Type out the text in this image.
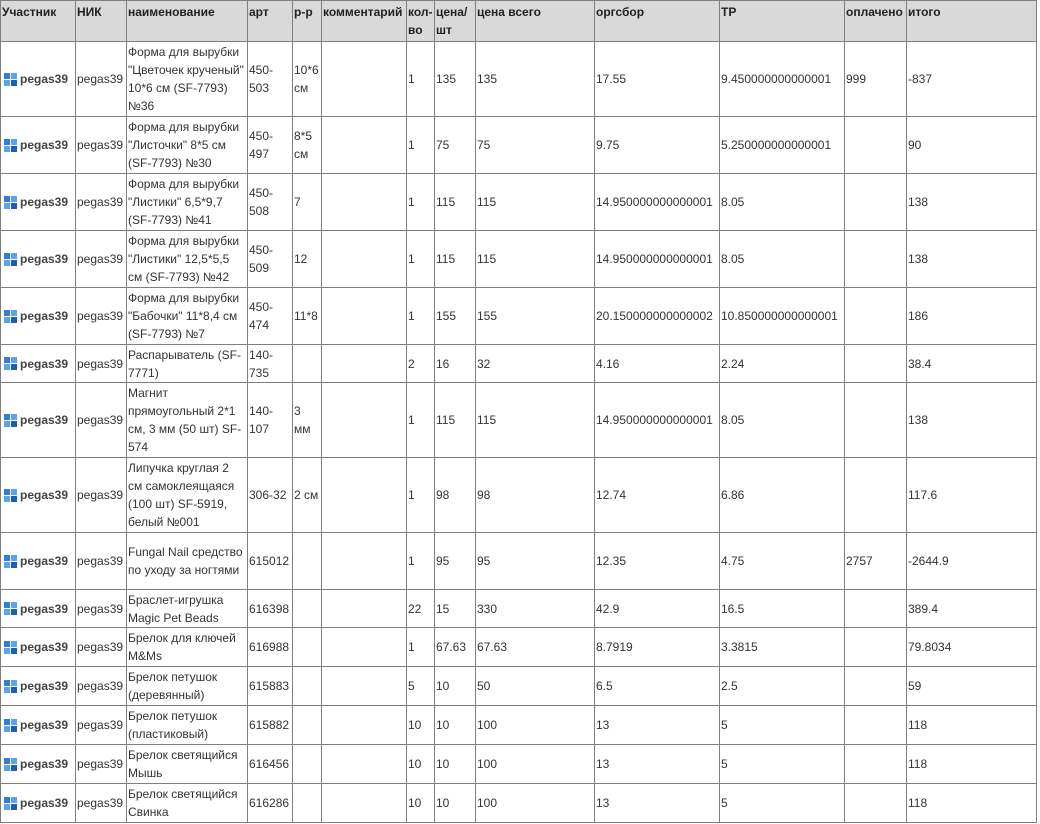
Участник	НИК	наименование	арт	р-р	комментарий	кол-во	цена/шт	цена всего	оргсбор	ТР	оплачено	итого
pegas39	pegas39	Форма для вырубки "Цветочек крученый" 10*6 см (SF-7793) №36	450-503	10*6 см		1	135	135	17.55	9.450000000000001	999	-837
pegas39	pegas39	Форма для вырубки "Листочки" 8*5 см (SF-7793) №30	450-497	8*5 см		1	75	75	9.75	5.250000000000001		90
pegas39	pegas39	Форма для вырубки "Листики" 6,5*9,7 (SF-7793) №41	450-508	7		1	115	115	14.950000000000001	8.05		138
pegas39	pegas39	Форма для вырубки "Листики" 12,5*5,5 см (SF-7793) №42	450-509	12		1	115	115	14.950000000000001	8.05		138
pegas39	pegas39	Форма для вырубки "Бабочки" 11*8,4 см (SF-7793) №7	450-474	11*8		1	155	155	20.150000000000002	10.850000000000001		186
pegas39	pegas39	Распарыватель (SF-7771)	140-735			2	16	32	4.16	2.24		38.4
pegas39	pegas39	Магнит прямоугольный 2*1 см, 3 мм (50 шт) SF-574	140-107	3 мм		1	115	115	14.950000000000001	8.05		138
pegas39	pegas39	Липучка круглая 2 см самоклеящаяся (100 шт) SF-5919, белый №001	306-32	2 см		1	98	98	12.74	6.86		117.6
pegas39	pegas39	Fungal Nail средство по уходу за ногтями	615012			1	95	95	12.35	4.75	2757	-2644.9
pegas39	pegas39	Браслет-игрушка Magic Pet Beads	616398			22	15	330	42.9	16.5		389.4
pegas39	pegas39	Брелок для ключей M&Ms	616988			1	67.63	67.63	8.7919	3.3815		79.8034
pegas39	pegas39	Брелок петушок (деревянный)	615883			5	10	50	6.5	2.5		59
pegas39	pegas39	Брелок петушок (пластиковый)	615882			10	10	100	13	5		118
pegas39	pegas39	Брелок светящийся Мышь	616456			10	10	100	13	5		118
pegas39	pegas39	Брелок светящийся Свинка	616286			10	10	100	13	5		118
